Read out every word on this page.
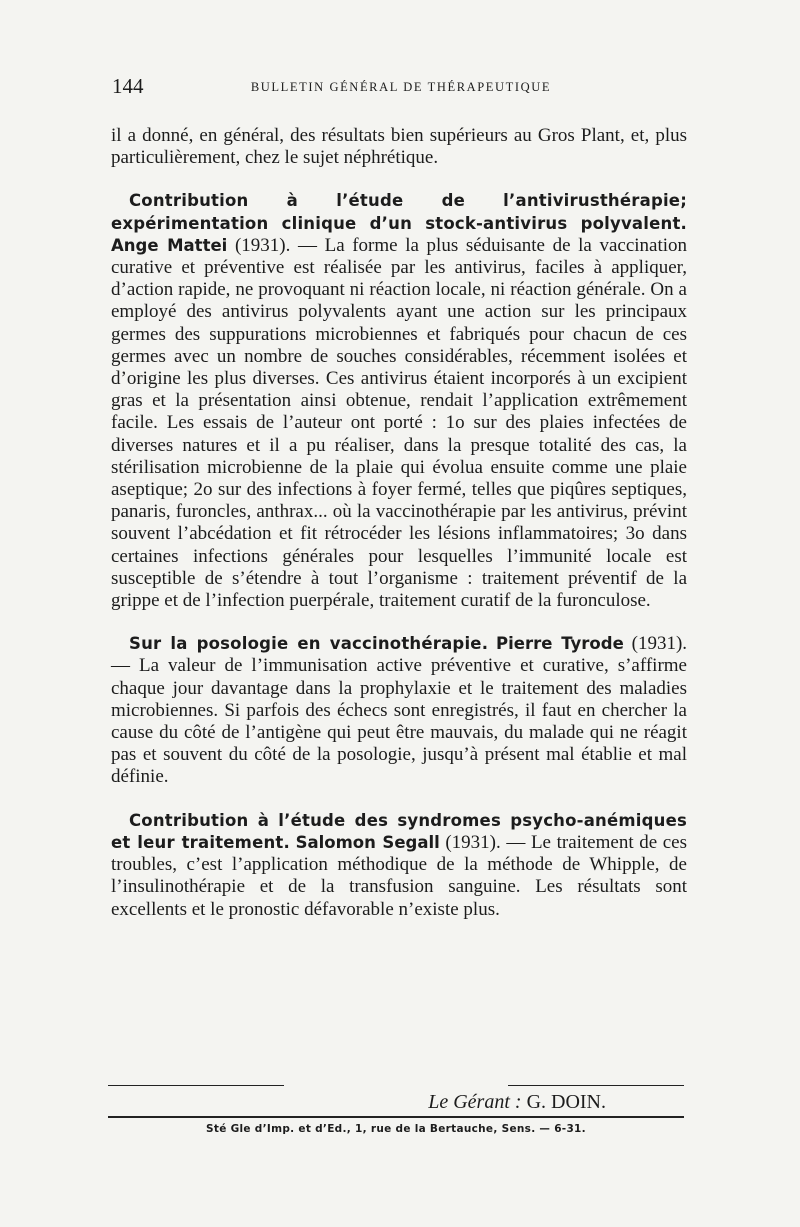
144	BULLETIN GÉNÉRAL DE THÉRAPEUTIQUE

il a donné, en général, des résultats bien supérieurs au Gros Plant, et, plus particulièrement, chez le sujet néphrétique.

Contribution à l’étude de l’antivirusthérapie; expérimentation clinique d’un stock-antivirus polyvalent. Ange Mattei (1931). — La forme la plus séduisante de la vaccination curative et préventive est réalisée par les antivirus, faciles à appliquer, d’action rapide, ne provoquant ni réaction locale, ni réaction générale. On a employé des antivirus polyvalents ayant une action sur les principaux germes des suppurations microbiennes et fabriqués pour chacun de ces germes avec un nombre de souches considérables, récemment isolées et d’origine les plus diverses. Ces antivirus étaient incorporés à un excipient gras et la présentation ainsi obtenue, rendait l’application extrêmement facile. Les essais de l’auteur ont porté : 1o sur des plaies infectées de diverses natures et il a pu réaliser, dans la presque totalité des cas, la stérilisation microbienne de la plaie qui évolua ensuite comme une plaie aseptique; 2o sur des infections à foyer fermé, telles que piqûres septiques, panaris, furoncles, anthrax... où la vaccinothérapie par les antivirus, prévint souvent l’abcédation et fit rétrocéder les lésions inflammatoires; 3o dans certaines infections générales pour lesquelles l’immunité locale est susceptible de s’étendre à tout l’organisme : traitement préventif de la grippe et de l’infection puerpérale, traitement curatif de la furonculose.

Sur la posologie en vaccinothérapie. Pierre Tyrode (1931). — La valeur de l’immunisation active préventive et curative, s’affirme chaque jour davantage dans la prophylaxie et le traitement des maladies microbiennes. Si parfois des échecs sont enregistrés, il faut en chercher la cause du côté de l’antigène qui peut être mauvais, du malade qui ne réagit pas et souvent du côté de la posologie, jusqu’à présent mal établie et mal définie.

Contribution à l’étude des syndromes psycho-anémiques et leur traitement. Salomon Segall (1931). — Le traitement de ces troubles, c’est l’application méthodique de la méthode de Whipple, de l’insulinothérapie et de la transfusion sanguine. Les résultats sont excellents et le pronostic défavorable n’existe plus.

Le Gérant : G. DOIN.
Sté Gle d’Imp. et d’Ed., 1, rue de la Bertauche, Sens. — 6-31.
